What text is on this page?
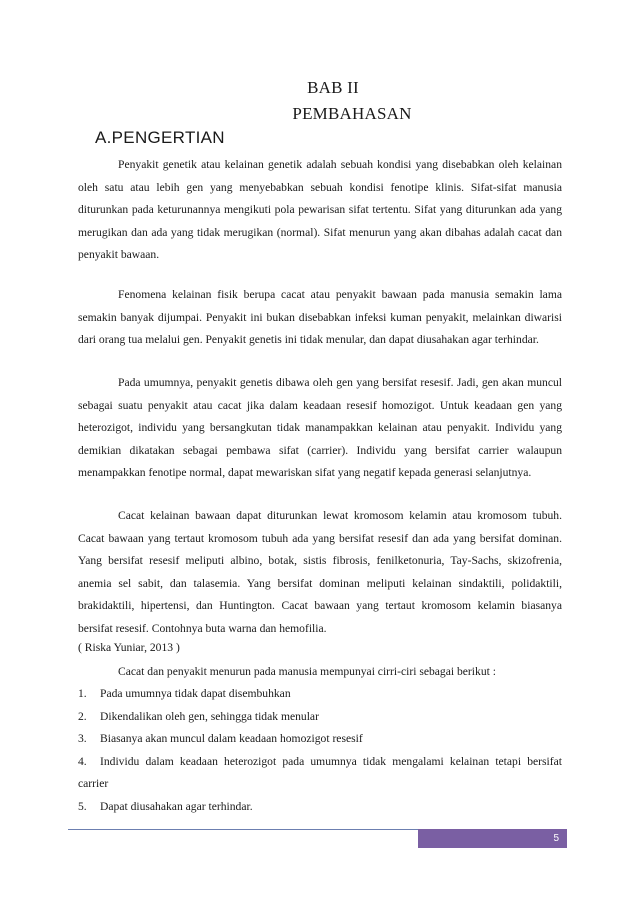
BAB II
PEMBAHASAN
A.PENGERTIAN

Penyakit genetik atau kelainan genetik adalah sebuah kondisi yang disebabkan oleh kelainan oleh satu atau lebih gen yang menyebabkan sebuah kondisi fenotipe klinis. Sifat-sifat manusia diturunkan pada keturunannya mengikuti pola pewarisan sifat tertentu. Sifat yang diturunkan ada yang merugikan dan ada yang tidak merugikan (normal). Sifat menurun yang akan dibahas adalah cacat dan penyakit bawaan.

Fenomena kelainan fisik berupa cacat atau penyakit bawaan pada manusia semakin lama semakin banyak dijumpai. Penyakit ini bukan disebabkan infeksi kuman penyakit, melainkan diwarisi dari orang tua melalui gen. Penyakit genetis ini tidak menular, dan dapat diusahakan agar terhindar.

Pada umumnya, penyakit genetis dibawa oleh gen yang bersifat resesif. Jadi, gen akan muncul sebagai suatu penyakit atau cacat jika dalam keadaan resesif homozigot. Untuk keadaan gen yang heterozigot, individu yang bersangkutan tidak manampakkan kelainan atau penyakit. Individu yang demikian dikatakan sebagai pembawa sifat (carrier). Individu yang bersifat carrier walaupun menampakkan fenotipe normal, dapat mewariskan sifat yang negatif kepada generasi selanjutnya.

Cacat kelainan bawaan dapat diturunkan lewat kromosom kelamin atau kromosom tubuh. Cacat bawaan yang tertaut kromosom tubuh ada yang bersifat resesif dan ada yang bersifat dominan. Yang bersifat resesif meliputi albino, botak, sistis fibrosis, fenilketonuria, Tay-Sachs, skizofrenia, anemia sel sabit, dan talasemia. Yang bersifat dominan meliputi kelainan sindaktili, polidaktili, brakidaktili, hipertensi, dan Huntington. Cacat bawaan yang tertaut kromosom kelamin biasanya bersifat resesif. Contohnya buta warna dan hemofilia.

( Riska Yuniar, 2013 )
Cacat dan penyakit menurun pada manusia mempunyai cirri-ciri sebagai berikut :
1. Pada umumnya tidak dapat disembuhkan
2. Dikendalikan oleh gen, sehingga tidak menular
3. Biasanya akan muncul dalam keadaan homozigot resesif
4. Individu dalam keadaan heterozigot pada umumnya tidak mengalami kelainan tetapi bersifat carrier
5. Dapat diusahakan agar terhindar.
5
